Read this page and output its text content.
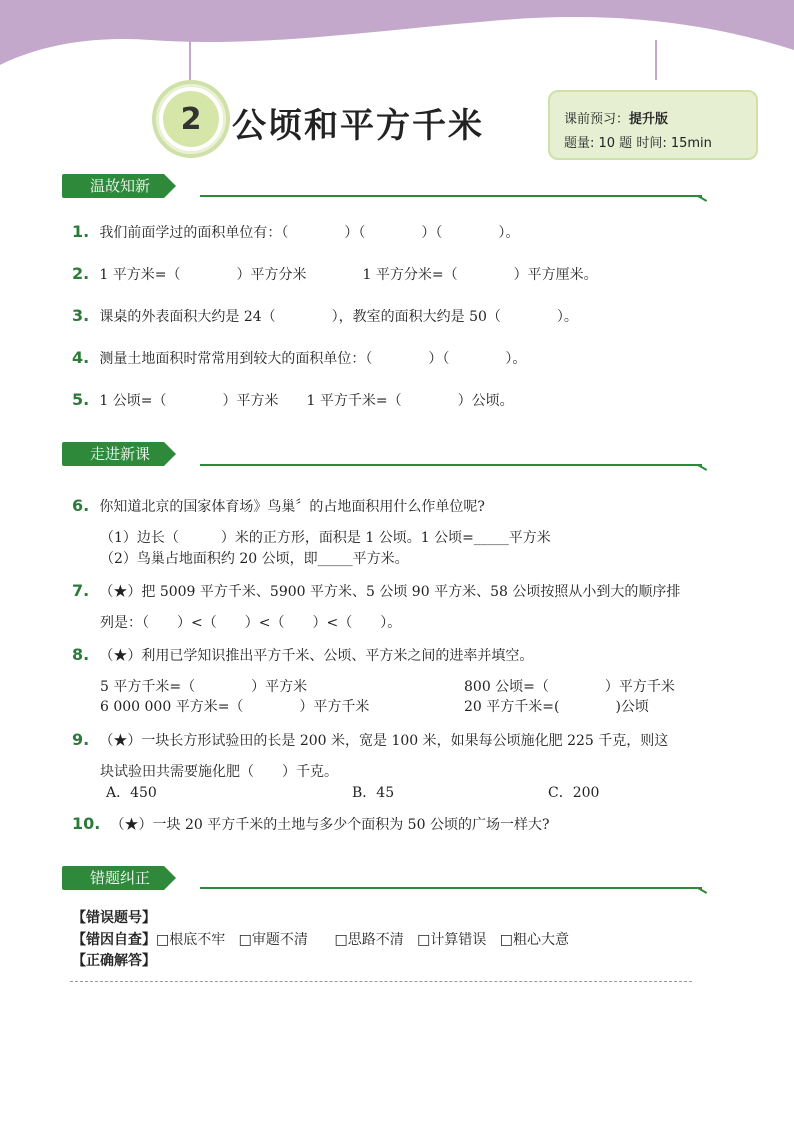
2 公顷和平方千米	课前预习：提升版
题量: 10 题 时间: 15min
温故知新
1. 我们前面学过的面积单位有：（　　　　）（　　　　）（　　　　）。
2. 1 平方米=（　　　　）平方分米　　　　1 平方分米=（　　　　）平方厘米。
3. 课桌的外表面积大约是 24（　　　　），教室的面积大约是 50（　　　　）。
4. 测量土地面积时常常用到较大的面积单位：（　　　　）（　　　　）。
5. 1 公顷=（　　　　）平方米　　1 平方千米=（　　　　）公顷。
走进新课
6. 你知道北京的国家体育场》鸟巢〞的占地面积用什么作单位呢?
（1）边长（　　　）米的正方形，面积是 1 公顷。1 公顷=_____平方米
（2）鸟巢占地面积约 20 公顷，即_____平方米。
7. （★）把 5009 平方千米、5900 平方米、5 公顷 90 平方米、58 公顷按照从小到大的顺序排
列是：（　　）<（　　）<（　　）<（　　）。
8. （★）利用已学知识推出平方千米、公顷、平方米之间的进率并填空。
5 平方千米=（　　　　）平方米	800 公顷=（　　　　）平方千米
6 000 000 平方米=（　　　　）平方千米	20 平方千米=(　　　　)公顷
9. （★）一块长方形试验田的长是 200 米，宽是 100 米，如果每公顷施化肥 225 千克，则这
块试验田共需要施化肥（　　）千克。
A．450	B．45	C．200
10. （★）一块 20 平方千米的土地与多少个面积为 50 公顷的广场一样大?
错题纠正
【错误题号】
【错因自查】□根底不牢 □审题不清 □思路不清 □计算错误 □粗心大意
【正确解答】
